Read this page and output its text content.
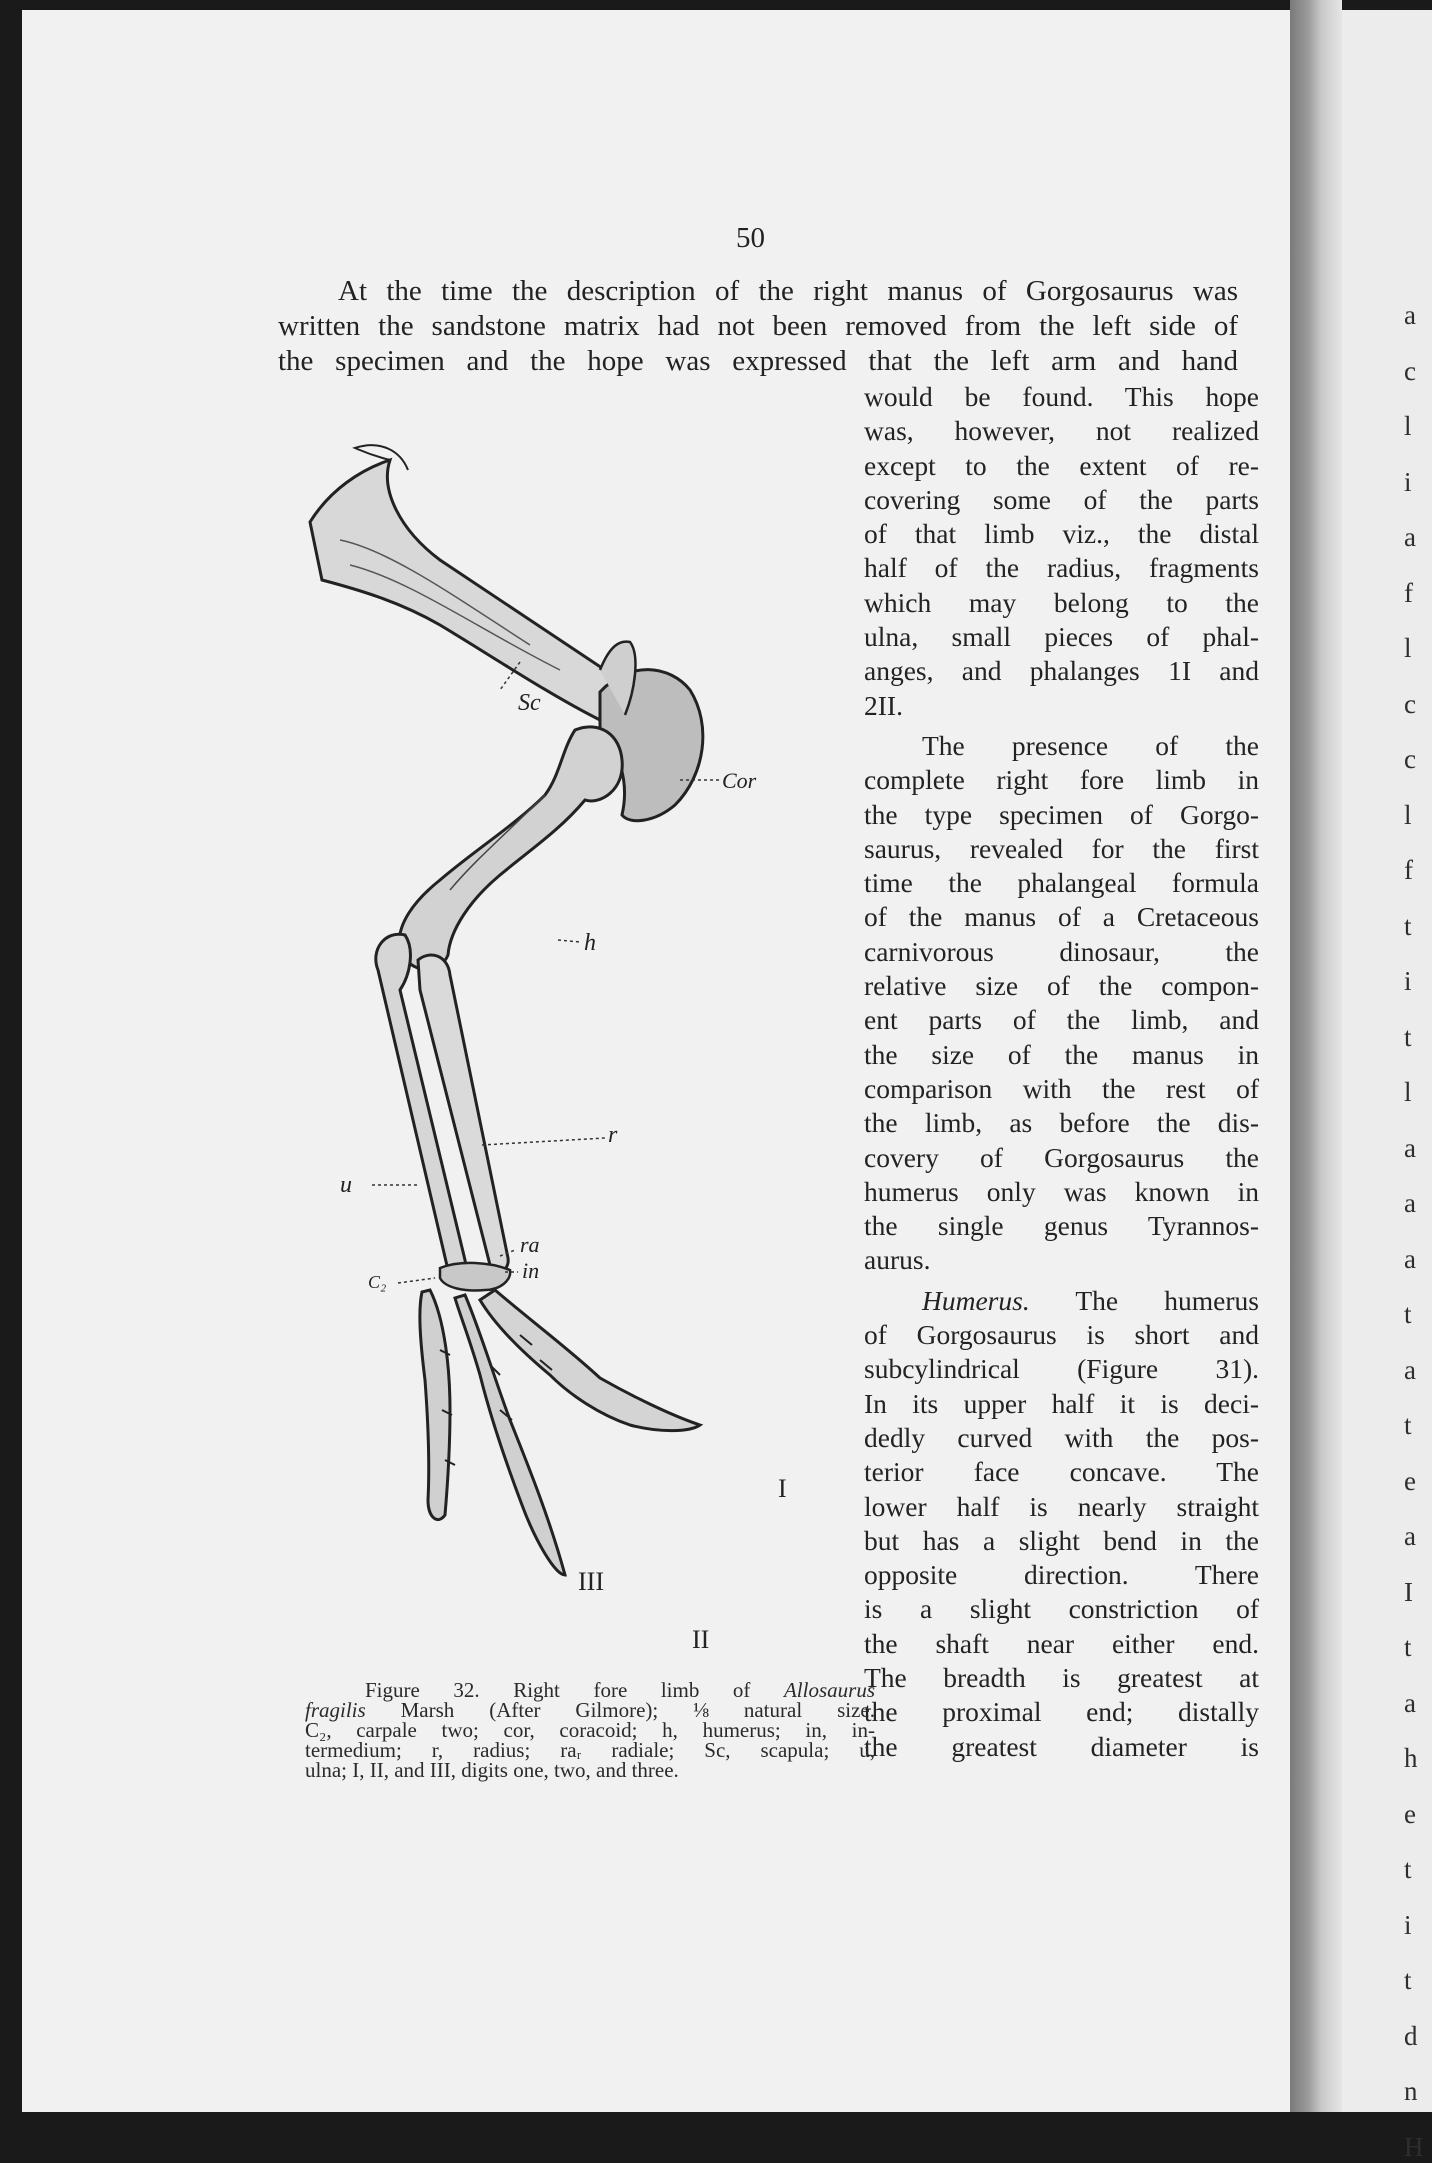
a
c
l
i
a
f
l
c
c
l
f
t
i
t
l
a
a
a
t
a
t
e
a
I
t
a
h
e
t
i
t
d
n
H
50
At the time the description of the right manus of Gorgosaurus was
written the sandstone matrix had not been removed from the left side of
the specimen and the hope was expressed that the left arm and hand
Sc
Cor
h
r
u
ra
in
C₂
I
II
III

would be found. This hope
was, however, not realized
except to the extent of re-
covering some of the parts
of that limb viz., the distal
half of the radius, fragments
which may belong to the
ulna, small pieces of phal-
anges, and phalanges 1I and
2II.

The presence of the
complete right fore limb in
the type specimen of Gorgo-
saurus, revealed for the first
time the phalangeal formula
of the manus of a Cretaceous
carnivorous dinosaur, the
relative size of the compon-
ent parts of the limb, and
the size of the manus in
comparison with the rest of
the limb, as before the dis-
covery of Gorgosaurus the
humerus only was known in
the single genus Tyrannos-
aurus.

Humerus. The humerus
of Gorgosaurus is short and
subcylindrical (Figure 31).
In its upper half it is deci-
dedly curved with the pos-
terior face concave. The
lower half is nearly straight
but has a slight bend in the
opposite direction. There
is a slight constriction of
the shaft near either end.
The breadth is greatest at
the proximal end; distally
the greatest diameter is

Figure 32. Right fore limb of Allosaurus
fragilis Marsh (After Gilmore); ⅛ natural size.
C₂, carpale two; cor, coracoid; h, humerus; in, in-
termedium; r, radius; raᵣ radiale; Sc, scapula; u,
ulna; I, II, and III, digits one, two, and three.
